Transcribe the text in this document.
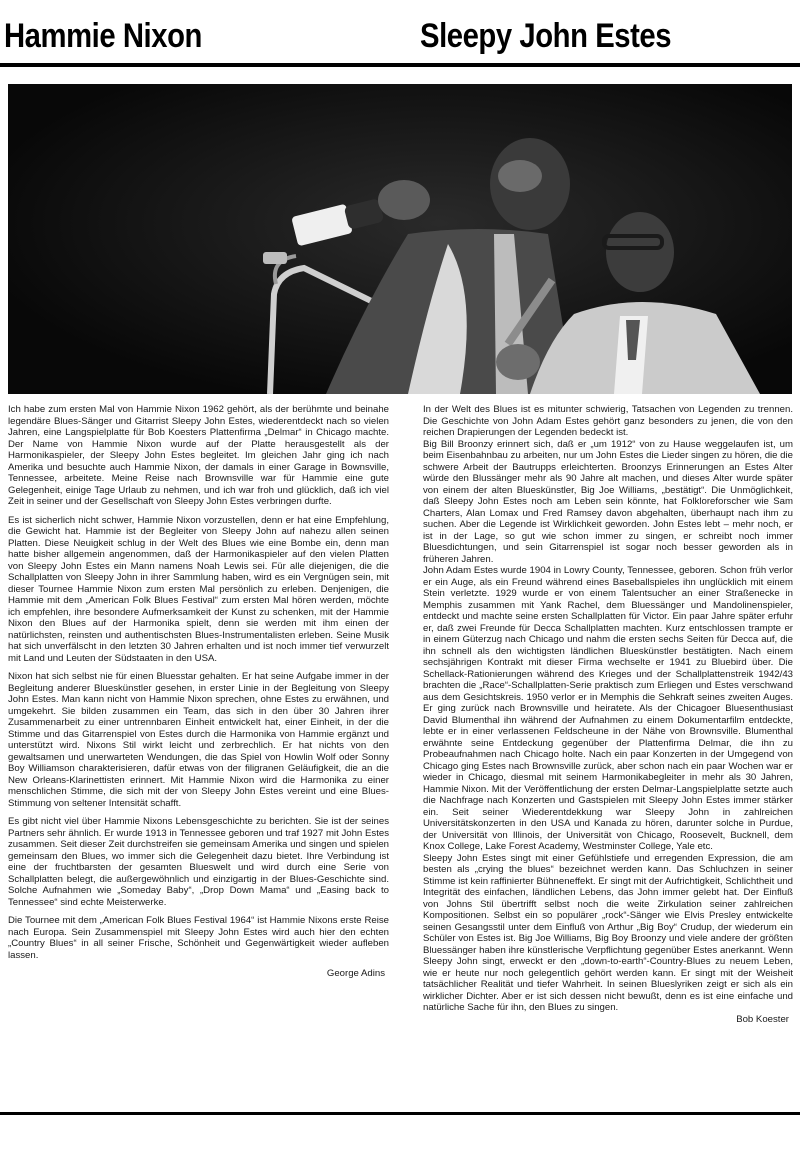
Hammie Nixon	Sleepy John Estes

Ich habe zum ersten Mal von Hammie Nixon 1962 gehört, als der berühmte und beinahe legendäre Blues-Sänger und Gitarrist Sleepy John Estes, wiederentdeckt nach so vielen Jahren, eine Langspielplatte für Bob Koesters Plattenfirma „Delmar“ in Chicago machte. Der Name von Hammie Nixon wurde auf der Platte herausgestellt als der Harmonikaspieler, der Sleepy John Estes begleitet. Im gleichen Jahr ging ich nach Amerika und besuchte auch Hammie Nixon, der damals in einer Garage in Bownsville, Tennessee, arbeitete. Meine Reise nach Brownsville war für Hammie eine gute Gelegenheit, einige Tage Urlaub zu nehmen, und ich war froh und glücklich, daß ich viel Zeit in seiner und der Gesellschaft von Sleepy John Estes verbringen durfte.

Es ist sicherlich nicht schwer, Hammie Nixon vorzustellen, denn er hat eine Empfehlung, die Gewicht hat. Hammie ist der Begleiter von Sleepy John auf nahezu allen seinen Platten. Diese Neuigkeit schlug in der Welt des Blues wie eine Bombe ein, denn man hatte bisher allgemein angenommen, daß der Harmonikaspieler auf den vielen Platten von Sleepy John Estes ein Mann namens Noah Lewis sei. Für alle diejenigen, die die Schallplatten von Sleepy John in ihrer Sammlung haben, wird es ein Vergnügen sein, mit dieser Tournee Hammie Nixon zum ersten Mal persönlich zu erleben. Denjenigen, die Hammie mit dem „American Folk Blues Festival“ zum ersten Mal hören werden, möchte ich empfehlen, ihre besondere Aufmerksamkeit der Kunst zu schenken, mit der Hammie Nixon den Blues auf der Harmonika spielt, denn sie werden mit ihm einen der natürlichsten, reinsten und authentischsten Blues-Instrumentalisten erleben. Seine Musik hat sich unverfälscht in den letzten 30 Jahren erhalten und ist noch immer tief verwurzelt mit Land und Leuten der Südstaaten in den USA.

Nixon hat sich selbst nie für einen Bluesstar gehalten. Er hat seine Aufgabe immer in der Begleitung anderer Blueskünstler gesehen, in erster Linie in der Begleitung von Sleepy John Estes. Man kann nicht von Hammie Nixon sprechen, ohne Estes zu erwähnen, und umgekehrt. Sie bilden zusammen ein Team, das sich in den über 30 Jahren ihrer Zusammenarbeit zu einer untrennbaren Einheit entwickelt hat, einer Einheit, in der die Stimme und das Gitarrenspiel von Estes durch die Harmonika von Hammie ergänzt und unterstützt wird. Nixons Stil wirkt leicht und zerbrechlich. Er hat nichts von den gewaltsamen und unerwarteten Wendungen, die das Spiel von Howlin Wolf oder Sonny Boy Williamson charakterisieren, dafür etwas von der filigranen Geläufigkeit, die an die New Orleans-Klarinettisten erinnert. Mit Hammie Nixon wird die Harmonika zu einer menschlichen Stimme, die sich mit der von Sleepy John Estes vereint und eine Blues-Stimmung von seltener Intensität schafft.

Es gibt nicht viel über Hammie Nixons Lebensgeschichte zu berichten. Sie ist der seines Partners sehr ähnlich. Er wurde 1913 in Tennessee geboren und traf 1927 mit John Estes zusammen. Seit dieser Zeit durchstreifen sie gemeinsam Amerika und singen und spielen gemeinsam den Blues, wo immer sich die Gelegenheit dazu bietet. Ihre Verbindung ist eine der fruchtbarsten der gesamten Blueswelt und wird durch eine Serie von Schallplatten belegt, die außergewöhnlich und einzigartig in der Blues-Geschichte sind. Solche Aufnahmen wie „Someday Baby“, „Drop Down Mama“ und „Easing back to Tennessee“ sind echte Meisterwerke.

Die Tournee mit dem „American Folk Blues Festival 1964“ ist Hammie Nixons erste Reise nach Europa. Sein Zusammenspiel mit Sleepy John Estes wird auch hier den echten „Country Blues“ in all seiner Frische, Schönheit und Gegenwärtigkeit wieder aufleben lassen.

George Adins

In der Welt des Blues ist es mitunter schwierig, Tatsachen von Legenden zu trennen. Die Geschichte von John Adam Estes gehört ganz besonders zu jenen, die von den reichen Drapierungen der Legenden bedeckt ist.

Big Bill Broonzy erinnert sich, daß er „um 1912“ von zu Hause weggelaufen ist, um beim Eisenbahnbau zu arbeiten, nur um John Estes die Lieder singen zu hören, die die schwere Arbeit der Bautrupps erleichterten. Broonzys Erinnerungen an Estes Alter würde den Blussänger mehr als 90 Jahre alt machen, und dieses Alter wurde später von einem der alten Blueskünstler, Big Joe Williams, „bestätigt“. Die Unmöglichkeit, daß Sleepy John Estes noch am Leben sein könnte, hat Folkloreforscher wie Sam Charters, Alan Lomax und Fred Ramsey davon abgehalten, überhaupt nach ihm zu suchen. Aber die Legende ist Wirklichkeit geworden. John Estes lebt – mehr noch, er ist in der Lage, so gut wie schon immer zu singen, er schreibt noch immer Bluesdichtungen, und sein Gitarrenspiel ist sogar noch besser geworden als in früheren Jahren.

John Adam Estes wurde 1904 in Lowry County, Tennessee, geboren. Schon früh verlor er ein Auge, als ein Freund während eines Baseballspieles ihn unglücklich mit einem Stein verletzte. 1929 wurde er von einem Talentsucher an einer Straßenecke in Memphis zusammen mit Yank Rachel, dem Bluessänger und Mandolinenspieler, entdeckt und machte seine ersten Schallplatten für Victor. Ein paar Jahre später erfuhr er, daß zwei Freunde für Decca Schallplatten machten. Kurz entschlossen trampte er in einem Güterzug nach Chicago und nahm die ersten sechs Seiten für Decca auf, die ihn schnell als den wichtigsten ländlichen Blueskünstler bestätigten. Nach einem sechsjährigen Kontrakt mit dieser Firma wechselte er 1941 zu Bluebird über. Die Schellack-Rationierungen während des Krieges und der Schallplattenstreik 1942/43 brachten die „Race“-Schallplatten-Serie praktisch zum Erliegen und Estes verschwand aus dem Gesichtskreis. 1950 verlor er in Memphis die Sehkraft seines zweiten Auges. Er ging zurück nach Brownsville und heiratete. Als der Chicagoer Bluesenthusiast David Blumenthal ihn während der Aufnahmen zu einem Dokumentarfilm entdeckte, lebte er in einer verlassenen Feldscheune in der Nähe von Brownsville. Blumenthal erwähnte seine Entdeckung gegenüber der Plattenfirma Delmar, die ihn zu Probeaufnahmen nach Chicago holte. Nach ein paar Konzerten in der Umgegend von Chicago ging Estes nach Brownsville zurück, aber schon nach ein paar Wochen war er wieder in Chicago, diesmal mit seinem Harmonikabegleiter in mehr als 30 Jahren, Hammie Nixon. Mit der Veröffentlichung der ersten Delmar-Langspielplatte setzte auch die Nachfrage nach Konzerten und Gastspielen mit Sleepy John Estes immer stärker ein. Seit seiner Wiederentdekkung war Sleepy John in zahlreichen Universitätskonzerten in den USA und Kanada zu hören, darunter solche in Purdue, der Universität von Illinois, der Universität von Chicago, Roosevelt, Bucknell, dem Knox College, Lake Forest Academy, Westminster College, Yale etc.

Sleepy John Estes singt mit einer Gefühlstiefe und erregenden Expression, die am besten als „crying the blues“ bezeichnet werden kann. Das Schluchzen in seiner Stimme ist kein raffinierter Bühneneffekt. Er singt mit der Aufrichtigkeit, Schlichtheit und Integrität des einfachen, ländlichen Lebens, das John immer gelebt hat. Der Einfluß von Johns Stil übertrifft selbst noch die weite Zirkulation seiner zahlreichen Kompositionen. Selbst ein so populärer „rock“-Sänger wie Elvis Presley entwickelte seinen Gesangsstil unter dem Einfluß von Arthur „Big Boy“ Crudup, der wiederum ein Schüler von Estes ist. Big Joe Williams, Big Boy Broonzy und viele andere der größten Bluessänger haben ihre künstlerische Verpflichtung gegenüber Estes anerkannt. Wenn Sleepy John singt, erweckt er den „down-to-earth“-Country-Blues zu neuem Leben, wie er heute nur noch gelegentlich gehört werden kann. Er singt mit der Weisheit tatsächlicher Realität und tiefer Wahrheit. In seinen Blueslyriken zeigt er sich als ein wirklicher Dichter. Aber er ist sich dessen nicht bewußt, denn es ist eine einfache und natürliche Sache für ihn, den Blues zu singen.

Bob Koester
